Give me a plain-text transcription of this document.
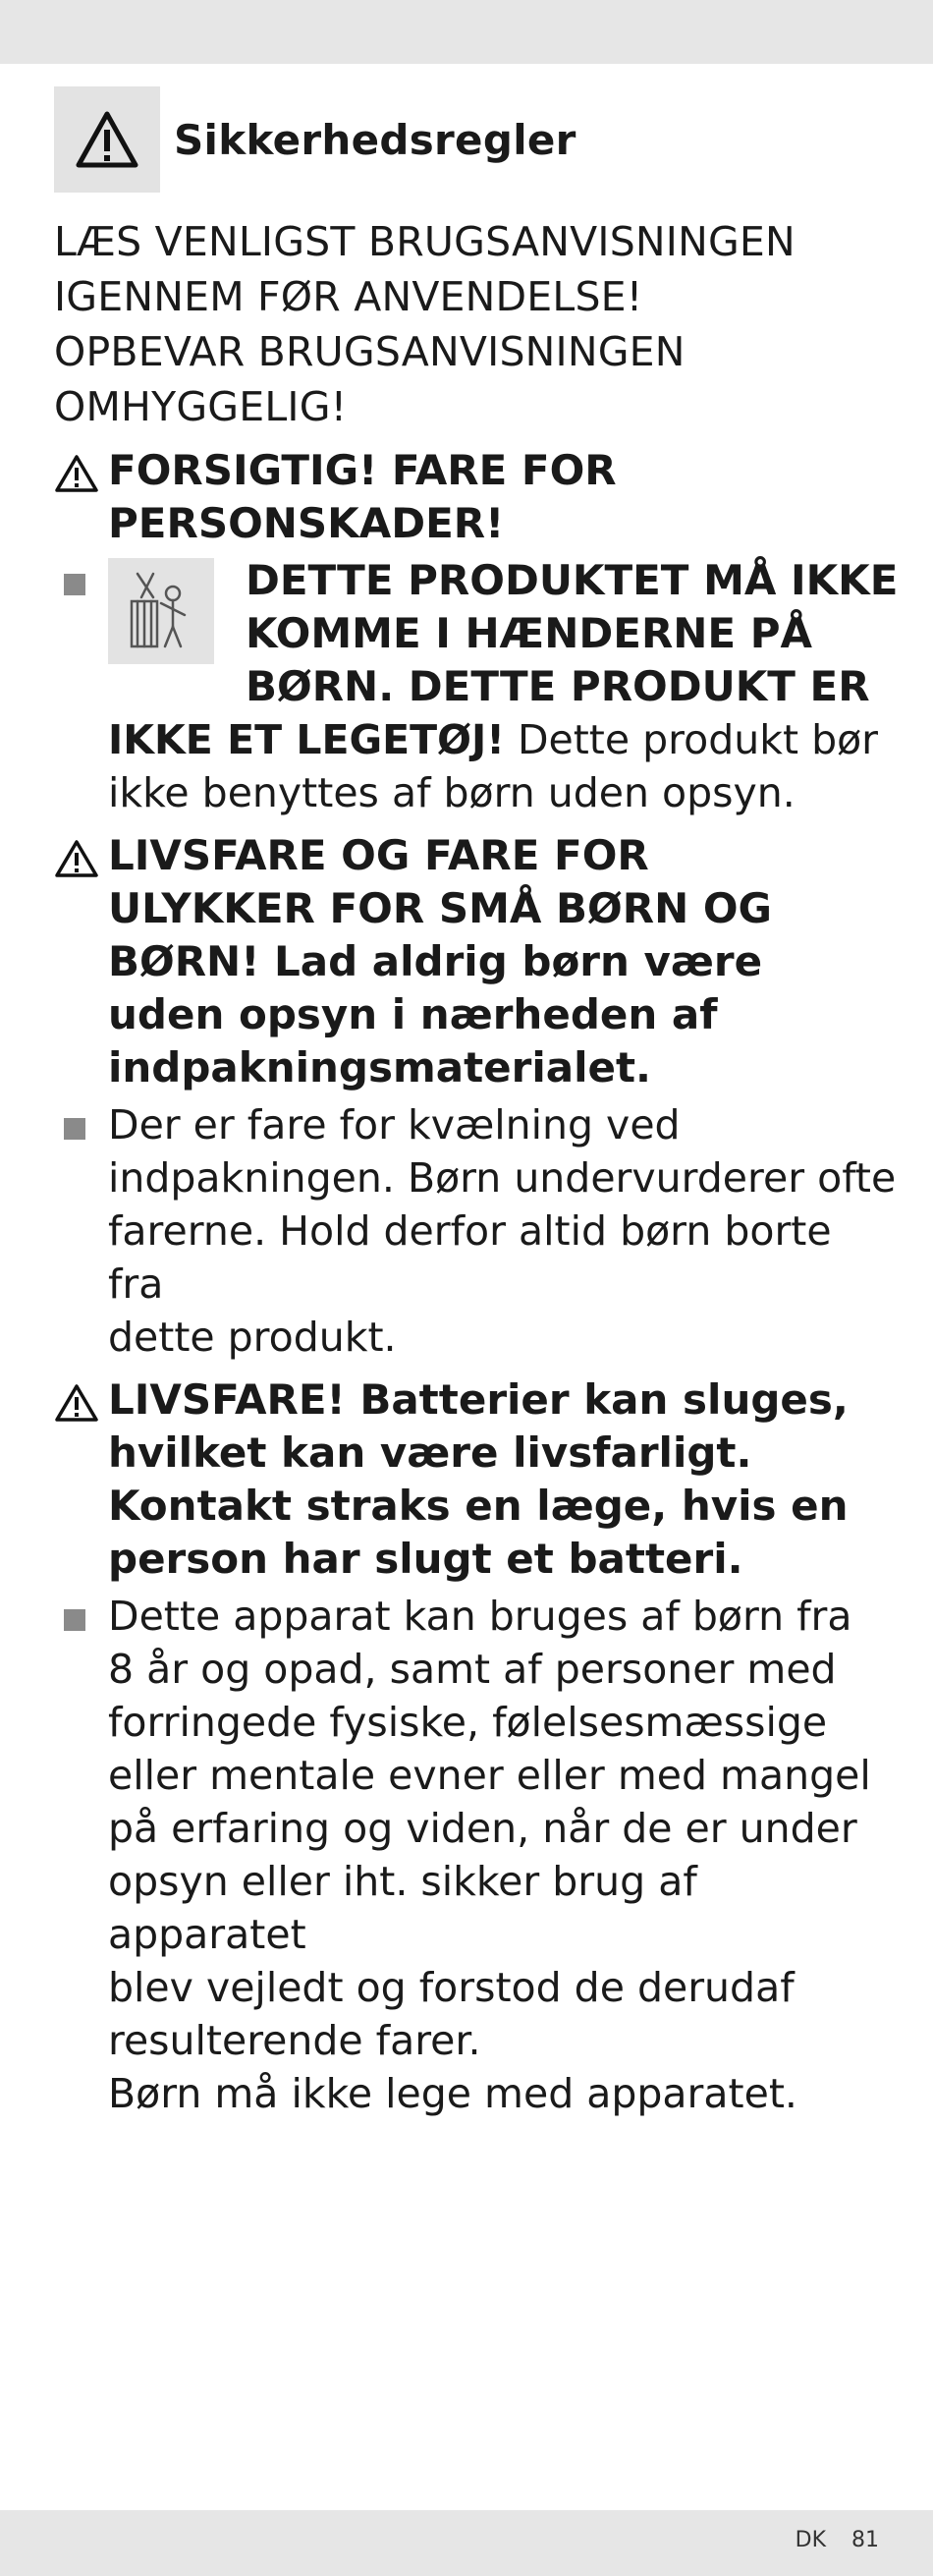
Sikkerhedsregler

LÆS VENLIGST BRUGSANVISNINGEN

IGENNEM FØR ANVENDELSE!

OPBEVAR BRUGSANVISNINGEN

OMHYGGELIG!

FORSIGTIG! FARE FOR
PERSONSKADER!
DETTE PRODUKTET MÅ IKKE
KOMME I HÆNDERNE PÅ
BØRN. DETTE PRODUKT ER
IKKE ET LEGETØJ! Dette produkt bør
ikke benyttes af børn uden opsyn.
LIVSFARE OG FARE FOR
ULYKKER FOR SMÅ BØRN OG
BØRN! Lad aldrig børn være
uden opsyn i nærheden af
indpakningsmaterialet.
Der er fare for kvælning ved
indpakningen. Børn undervurderer ofte
farerne. Hold derfor altid børn borte fra
dette produkt.
LIVSFARE! Batterier kan sluges,
hvilket kan være livsfarligt.
Kontakt straks en læge, hvis en
person har slugt et batteri.
Dette apparat kan bruges af børn fra
8 år og opad, samt af personer med
forringede fysiske, følelsesmæssige
eller mentale evner eller med mangel
på erfaring og viden, når de er under
opsyn eller iht. sikker brug af apparatet
blev vejledt og forstod de derudaf
resulterende farer.
Børn må ikke lege med apparatet.
DK 81
